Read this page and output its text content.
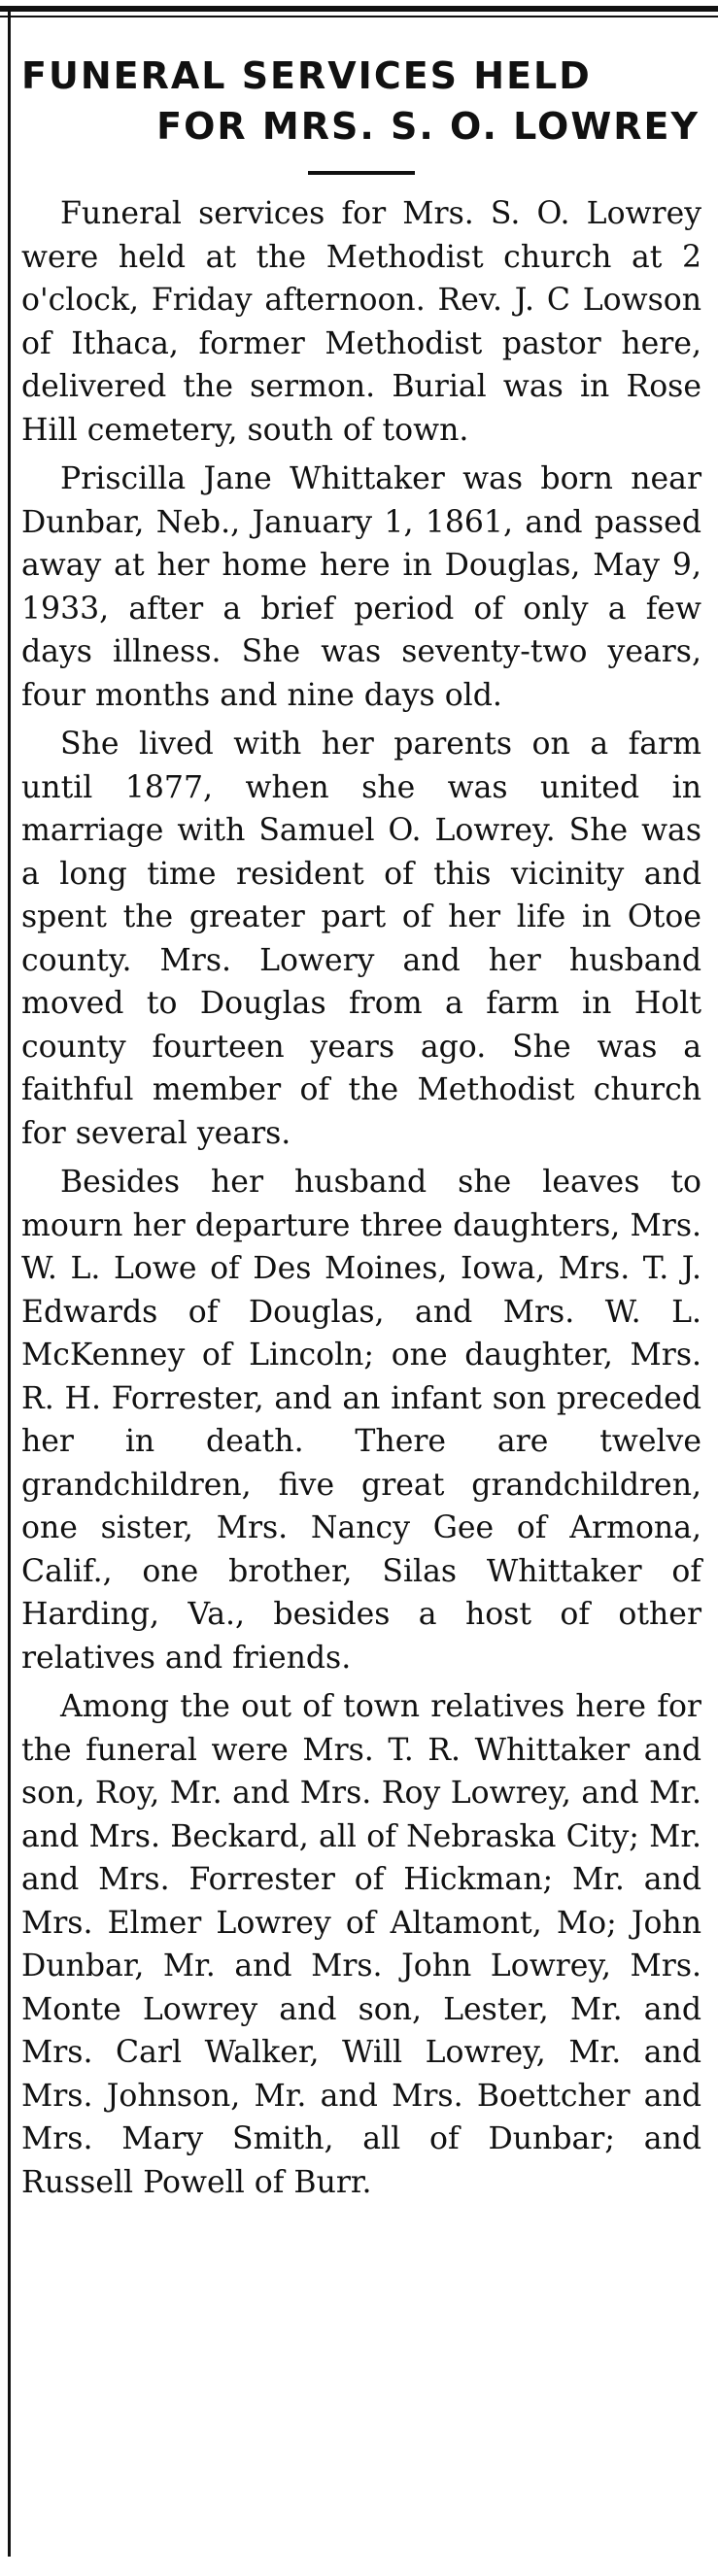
FUNERAL SERVICES HELD
FOR MRS. S. O. LOWREY

Funeral services for Mrs. S. O. Lowrey were held at the Methodist church at 2 o'clock, Friday afternoon. Rev. J. C Lowson of Ithaca, former Methodist pastor here, delivered the sermon. Burial was in Rose Hill cemetery, south of town.

Priscilla Jane Whittaker was born near Dunbar, Neb., January 1, 1861, and passed away at her home here in Douglas, May 9, 1933, after a brief period of only a few days illness. She was seventy-two years, four months and nine days old.

She lived with her parents on a farm until 1877, when she was united in marriage with Samuel O. Lowrey. She was a long time resident of this vicinity and spent the greater part of her life in Otoe county. Mrs. Lowery and her husband moved to Douglas from a farm in Holt county fourteen years ago. She was a faithful member of the Methodist church for several years.

Besides her husband she leaves to mourn her departure three daughters, Mrs. W. L. Lowe of Des Moines, Iowa, Mrs. T. J. Edwards of Douglas, and Mrs. W. L. McKenney of Lincoln; one daughter, Mrs. R. H. Forrester, and an infant son preceded her in death. There are twelve grandchildren, five great grandchildren, one sister, Mrs. Nancy Gee of Armona, Calif., one brother, Silas Whittaker of Harding, Va., besides a host of other relatives and friends.

Among the out of town relatives here for the funeral were Mrs. T. R. Whittaker and son, Roy, Mr. and Mrs. Roy Lowrey, and Mr. and Mrs. Beckard, all of Nebraska City; Mr. and Mrs. Forrester of Hickman; Mr. and Mrs. Elmer Lowrey of Altamont, Mo; John Dunbar, Mr. and Mrs. John Lowrey, Mrs. Monte Lowrey and son, Lester, Mr. and Mrs. Carl Walker, Will Lowrey, Mr. and Mrs. Johnson, Mr. and Mrs. Boettcher and Mrs. Mary Smith, all of Dunbar; and Russell Powell of Burr.
